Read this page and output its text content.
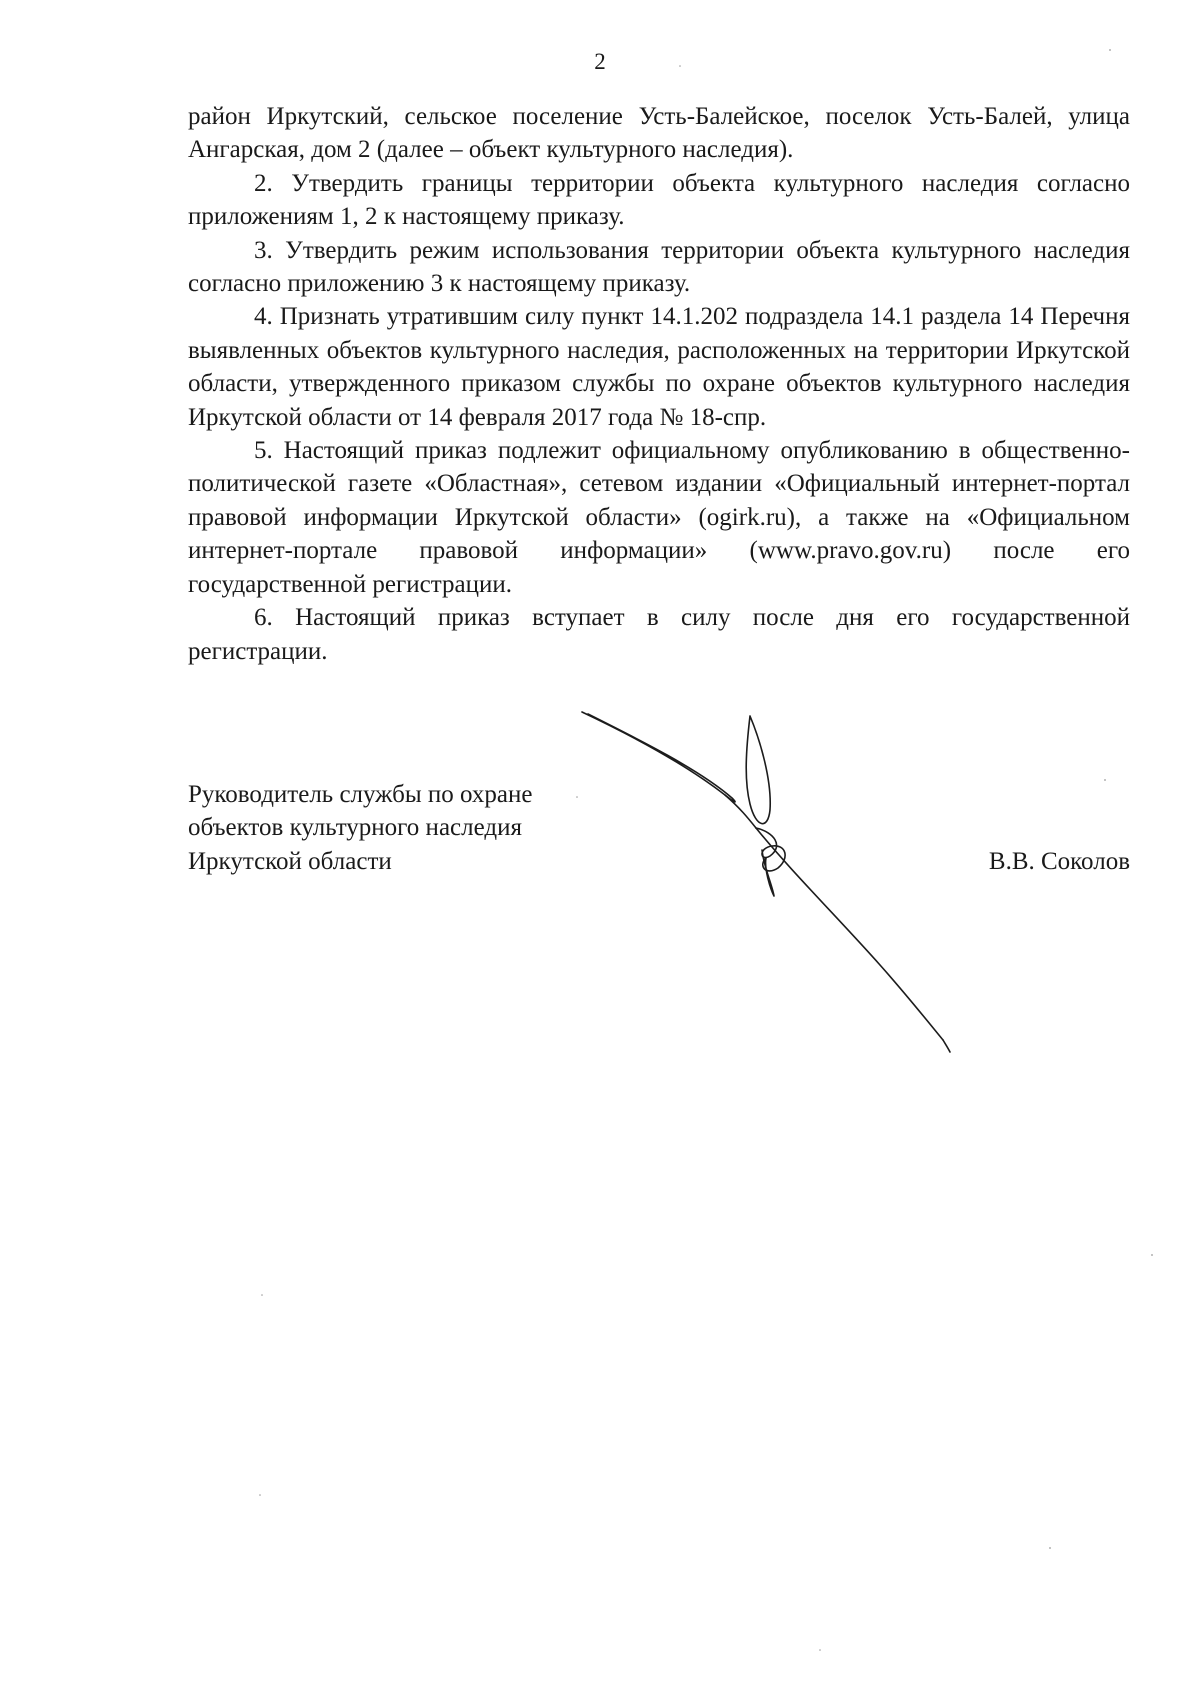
2

район Иркутский, сельское поселение Усть-Балейское, поселок Усть-Балей, улица Ангарская, дом 2 (далее – объект культурного наследия).

2. Утвердить границы территории объекта культурного наследия согласно приложениям 1, 2 к настоящему приказу.

3. Утвердить режим использования территории объекта культурного наследия согласно приложению 3 к настоящему приказу.

4. Признать утратившим силу пункт 14.1.202 подраздела 14.1 раздела 14 Перечня выявленных объектов культурного наследия, расположенных на территории Иркутской области, утвержденного приказом службы по охране объектов культурного наследия Иркутской области от 14 февраля 2017 года № 18-спр.

5. Настоящий приказ подлежит официальному опубликованию в общественно-политической газете «Областная», сетевом издании «Официальный интернет-портал правовой информации Иркутской области» (ogirk.ru), а также на «Официальном интернет-портале правовой информации» (www.pravo.gov.ru) после его государственной регистрации.

6. Настоящий приказ вступает в силу после дня его государственной регистрации.

Руководитель службы по охране

объектов культурного наследия

Иркутской области	В.В. Соколов
